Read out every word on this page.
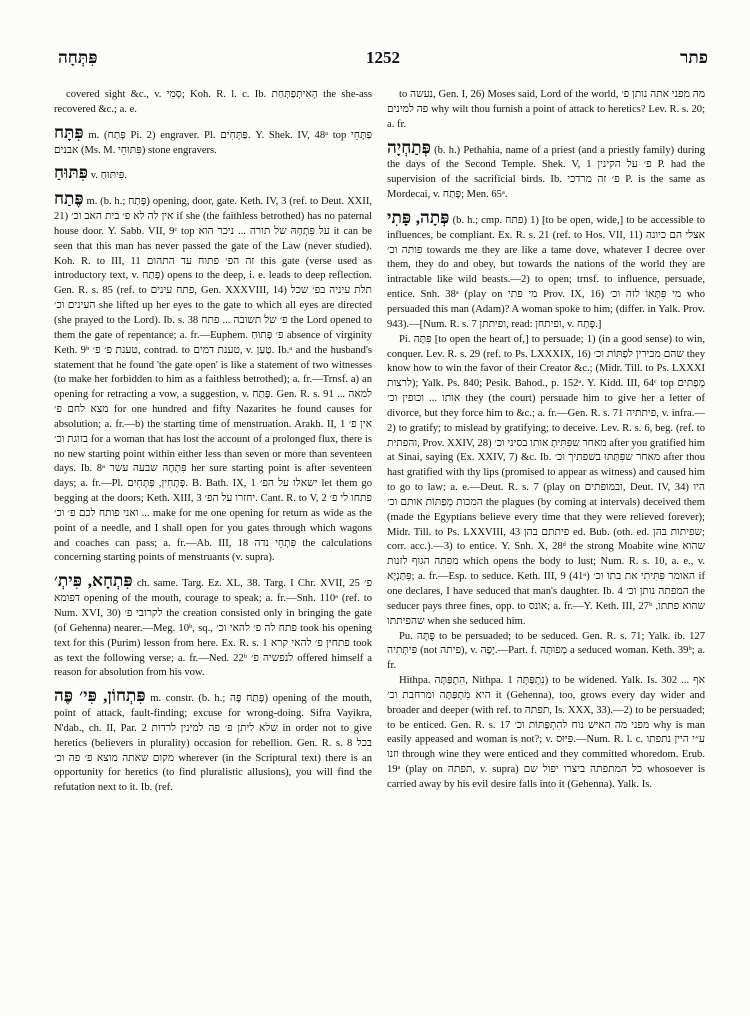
פִּתְּחָה	1252	פתר

covered sight &c., v. סְמִי; Koh. R. l. c. Ib. הָאִיתְפַּתְּחַת the she-ass recovered &c.; a. e.

פִּתָּח m. (פָּתַח Pi. 2) engraver. Pl. פַּתָּחִים. Y. Shek. IV, 48ᵃ top פַּתָּחֵי אבנים (Ms. M. פִּתּוּחֵי) stone engravers.

פִּתּוּחַ v. פִּיתּוּחַ.

פֶּתַח m. (b. h.; פָּתַח) opening, door, gate. Keth. IV, 3 (ref. to Deut. XXII, 21) אין לה לא פ׳ בית האב וכ׳ if she (the faithless betrothed) has no paternal house door. Y. Sabb. VII, 9ᶜ top על פִּתְחָהּ של תורה ... ניכר הוא it can be seen that this man has never passed the gate of the Law (never studied). Koh. R. to III, 11 זה הפ׳ פתוח עד התהום this gate (verse used as introductory text, v. פָּתַח) opens to the deep, i. e. leads to deep reflection. Gen. R. s. 85 (ref. to פתח עינים, Gen. XXXVIII, 14) תלת עיניה בפ׳ שכל העינים וכ׳ she lifted up her eyes to the gate to which all eyes are directed (she prayed to the Lord). Ib. s. 38 פ׳ של תשובה ... פתח the Lord opened to them the gate of repentance; a. fr.—Euphem. פ׳ פָּתוּחַ absence of virginity Keth. 9ᵇ טענת פ׳ פ׳, contrad. to טענת דמים, v. טָעַן. Ib.ᵃ and the husband's statement that he found 'the gate open' is like a statement of two witnesses (to make her forbidden to him as a faithless betrothed); a. fr.—Trnsf. a) an opening for retracting a vow, a suggestion, v. פָּתַח. Gen. R. s. 91 למאה ... מצא לחם פ׳ for one hundred and fifty Nazarites he found causes for absolution; a. fr.—b) the starting time of menstruation. Arakh. II, 1 אין פ׳ בזוגת וכ׳ for a woman that has lost the account of a prolonged flux, there is no new starting point within either less than seven or more than seventeen days. Ib. 8ᵃ פִּתְחָהּ שבעה עשר her sure starting point is after seventeen days; a. fr.—Pl. פְּתָחִין, פְּתָחִים. B. Bath. IX, 1 ישאלו על הפ׳ let them go begging at the doors; Keth. XIII, 3 יחזרו על הפ׳. Cant. R. to V, 2 פתחו לי פ׳ ... ואני פותח לכם פ׳ וכ׳ make for me one opening for return as wide as the point of a needle, and I shall open for you gates through which wagons and coaches can pass; a. fr.—Ab. III, 18 פִּתְחֵי נדה the calculations concerning starting points of menstruants (v. supra).

פִּתְחָא, פִּיתְ׳ ch. same. Targ. Ez. XL, 38. Targ. I Chr. XVII, 25 פ׳ דפומא opening of the mouth, courage to speak; a. fr.—Snh. 110ᵃ (ref. to Num. XVI, 30) לקרובי פ׳ the creation consisted only in bringing the gate (of Gehenna) nearer.—Meg. 10ᵇ, sq., פתח לה פ׳ להאי וכ׳ took his opening text for this (Purim) lesson from here. Ex. R. s. 1 פתחין פ׳ להאי קרא took as text the following verse; a. fr.—Ned. 22ᵇ לנפשיה פ׳ offered himself a reason for absolution from his vow.

פִּתְחוֹן, פִּי׳ פֶּה m. constr. (b. h.; פָּתַח פֶּה) opening of the mouth, point of attack, fault-finding; excuse for wrong-doing. Sifra Vayikra, N'dab., ch. II, Par. 2 שלא ליתן פ׳ פה למינין לרדות in order not to give heretics (believers in plurality) occasion for rebellion. Gen. R. s. 8 בכל מקום שאתה מוצא פ׳ פה וכ׳ wherever (in the Scriptural text) there is an opportunity for heretics (to find pluralistic allusions), you will find the refutation next to it. Ib. (ref.

to נעשה, Gen. I, 26) Moses said, Lord of the world, מה מפני אתה נותן פ׳ פה למינים why wilt thou furnish a point of attack to heretics? Lev. R. s. 20; a. fr.

פְּתַחְיָה (b. h.) Pethahia, name of a priest (and a priestly family) during the days of the Second Temple. Shek. V, 1 פ׳ על הקינין P. had the supervision of the sacrificial birds. Ib. פ׳ זה מרדכי P. is the same as Mordecai, v. פָּתַח; Men. 65ᵃ.

פְּתָה, פָּתִי (b. h.; cmp. פתח) 1) [to be open, wide,] to be accessible to influences, be compliant. Ex. R. s. 21 (ref. to Hos. VII, 11) אצלי הם כיונה פותה וכ׳ towards me they are like a tame dove, whatever I decree over them, they do and obey, but towards the nations of the world they are intractable like wild beasts.—2) to open; trnsf. to influence, persuade, entice. Snh. 38ᵃ (play on מי פתי Prov. IX, 16) מי פִּתָּאוֹ לזה וכ׳ who persuaded this man (Adam)? A woman spoke to him; (differ. in Yalk. Prov. 943).—[Num. R. s. 7 ופיתתן, read: ופיתחן, v. פָּתַח.]

Pi. פִּתָּה [to open the heart of,] to persuade; 1) (in a good sense) to win, conquer. Lev. R. s. 29 (ref. to Ps. LXXXIX, 16) שהם מכירין לפַתּוֹת וכ׳ they know how to win the favor of their Creator &c.; (Midr. Till. to Ps. LXXXI לרצות); Yalk. Ps. 840; Pesik. Bahod., p. 152ᵃ. Y. Kidd. III, 64ᶜ top מְפַתִּים אותו ... וכופין וכ׳ they (the court) persuade him to give her a letter of divorce, but they force him to &c.; a. fr.—Gen. R. s. 71 פיתתיה, v. infra.—2) to gratify; to mislead by gratifying; to deceive. Lev. R. s. 6, beg. (ref. to והפתית, Prov. XXIV, 28) מאחר שפִּתִּיתָ אותו בסיני וכ׳ after you gratified him at Sinai, saying (Ex. XXIV, 7) &c. Ib. מאחר שפִּתַּתּוּ בשפתיך וכ׳ after thou hast gratified with thy lips (promised to appear as witness) and caused him to go to law; a. e.—Deut. R. s. 7 (play on ובמופתים, Deut. IV, 34) היו המכות מְפַתּוֹת אותם וכ׳ the plagues (by coming at intervals) deceived them (made the Egyptians believe every time that they were relieved forever); Midr. Till. to Ps. LXXVIII, 43 פיתתם בהן ed. Bub. (oth. ed. שפיתות בהן; corr. acc.).—3) to entice. Y. Snh. X, 28ᵈ the strong Moabite wine שהוא מפתה הגוף לזנות which opens the body to lust; Num. R. s. 10, a. e., v. פִּתַּנְיָא; a. fr.—Esp. to seduce. Keth. III, 9 (41ᵃ) האומר פִּתִּיתִי את בתו וכ׳ if one declares, I have seduced that man's daughter. Ib. 4 המפתה נותן וכ׳ the seducer pays three fines, opp. to אונס; a. fr.—Y. Keth. III, 27ᵇ שהוא פתתו, שהפיתתו when she seduced him.

Pu. פֻּתָּה to be persuaded; to be seduced. Gen. R. s. 71; Yalk. ib. 127 פִּיתְּתִיה (not פיתה), v. יָפָה.—Part. f. מְפוּתָּה a seduced woman. Keth. 39ᵇ; a. fr.

Hithpa. הִתְפַּתָּה, Nithpa. נִתְפַּתָּה 1) to be widened. Yalk. Is. 302 ... אף היא מִתְפַּתָּה ומרחבת וכ׳ it (Gehenna), too, grows every day wider and broader and deeper (with ref. to תפתה, Is. XXX, 33).—2) to be persuaded; to be enticed. Gen. R. s. 17 מפני מה האיש נוח להִתְפַּתּוֹת וכ׳ why is man easily appeased and woman is not?; v. פִּיּוּס.—Num. R. l. c. ע״י היין נתפתו וזנו through wine they were enticed and they committed whoredom. Erub. 19ᵃ (play on תפתה, v. supra) כל המתפתה ביצרו יפול שם whosoever is carried away by his evil desire falls into it (Gehenna). Yalk. Is.
